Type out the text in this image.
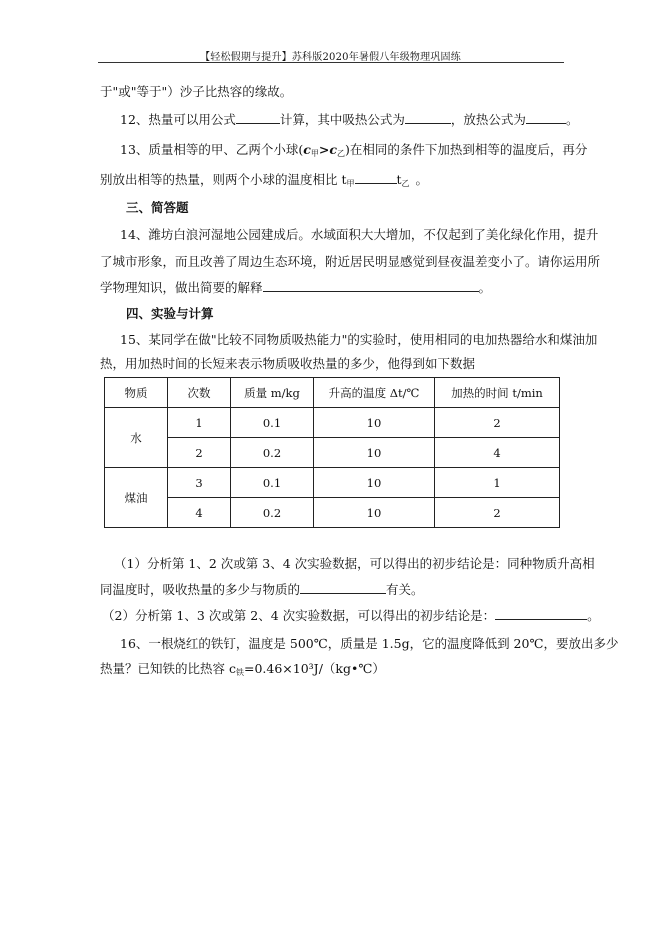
【轻松假期与提升】苏科版2020年暑假八年级物理巩固练
于"或"等于"）沙子比热容的缘故。
12、热量可以用公式	计算，其中吸热公式为	，放热公式为	。
13、质量相等的甲、乙两个小球$(c_甲>c_乙)$在相同的条件下加热到相等的温度后，再分
别放出相等的热量，则两个小球的温度相比 $t_甲$	$t_乙$ 。
三、简答题
14、潍坊白浪河湿地公园建成后。水域面积大大增加，不仅起到了美化绿化作用，提升
了城市形象，而且改善了周边生态环境，附近居民明显感觉到昼夜温差变小了。请你运用所
学物理知识，做出简要的解释	。
四、实验与计算
15、某同学在做"比较不同物质吸热能力"的实验时，使用相同的电加热器给水和煤油加
热，用加热时间的长短来表示物质吸收热量的多少，他得到如下数据
物质	次数	质量 m/kg	升高的温度 Δt/℃	加热的时间 t/min
水	1	0.1	10	2
	2	0.2	10	4
煤油	3	0.1	10	1
	4	0.2	10	2
（1）分析第 1、2 次或第 3、4 次实验数据，可以得出的初步结论是：同种物质升高相
同温度时，吸收热量的多少与物质的	有关。
（2）分析第 1、3 次或第 2、4 次实验数据，可以得出的初步结论是：	。
16、一根烧红的铁钉，温度是 500℃，质量是 1.5g，它的温度降低到 20℃，要放出多少
热量？已知铁的比热容 $c_铁=0.46\times 10^3J/(kg•℃)$
